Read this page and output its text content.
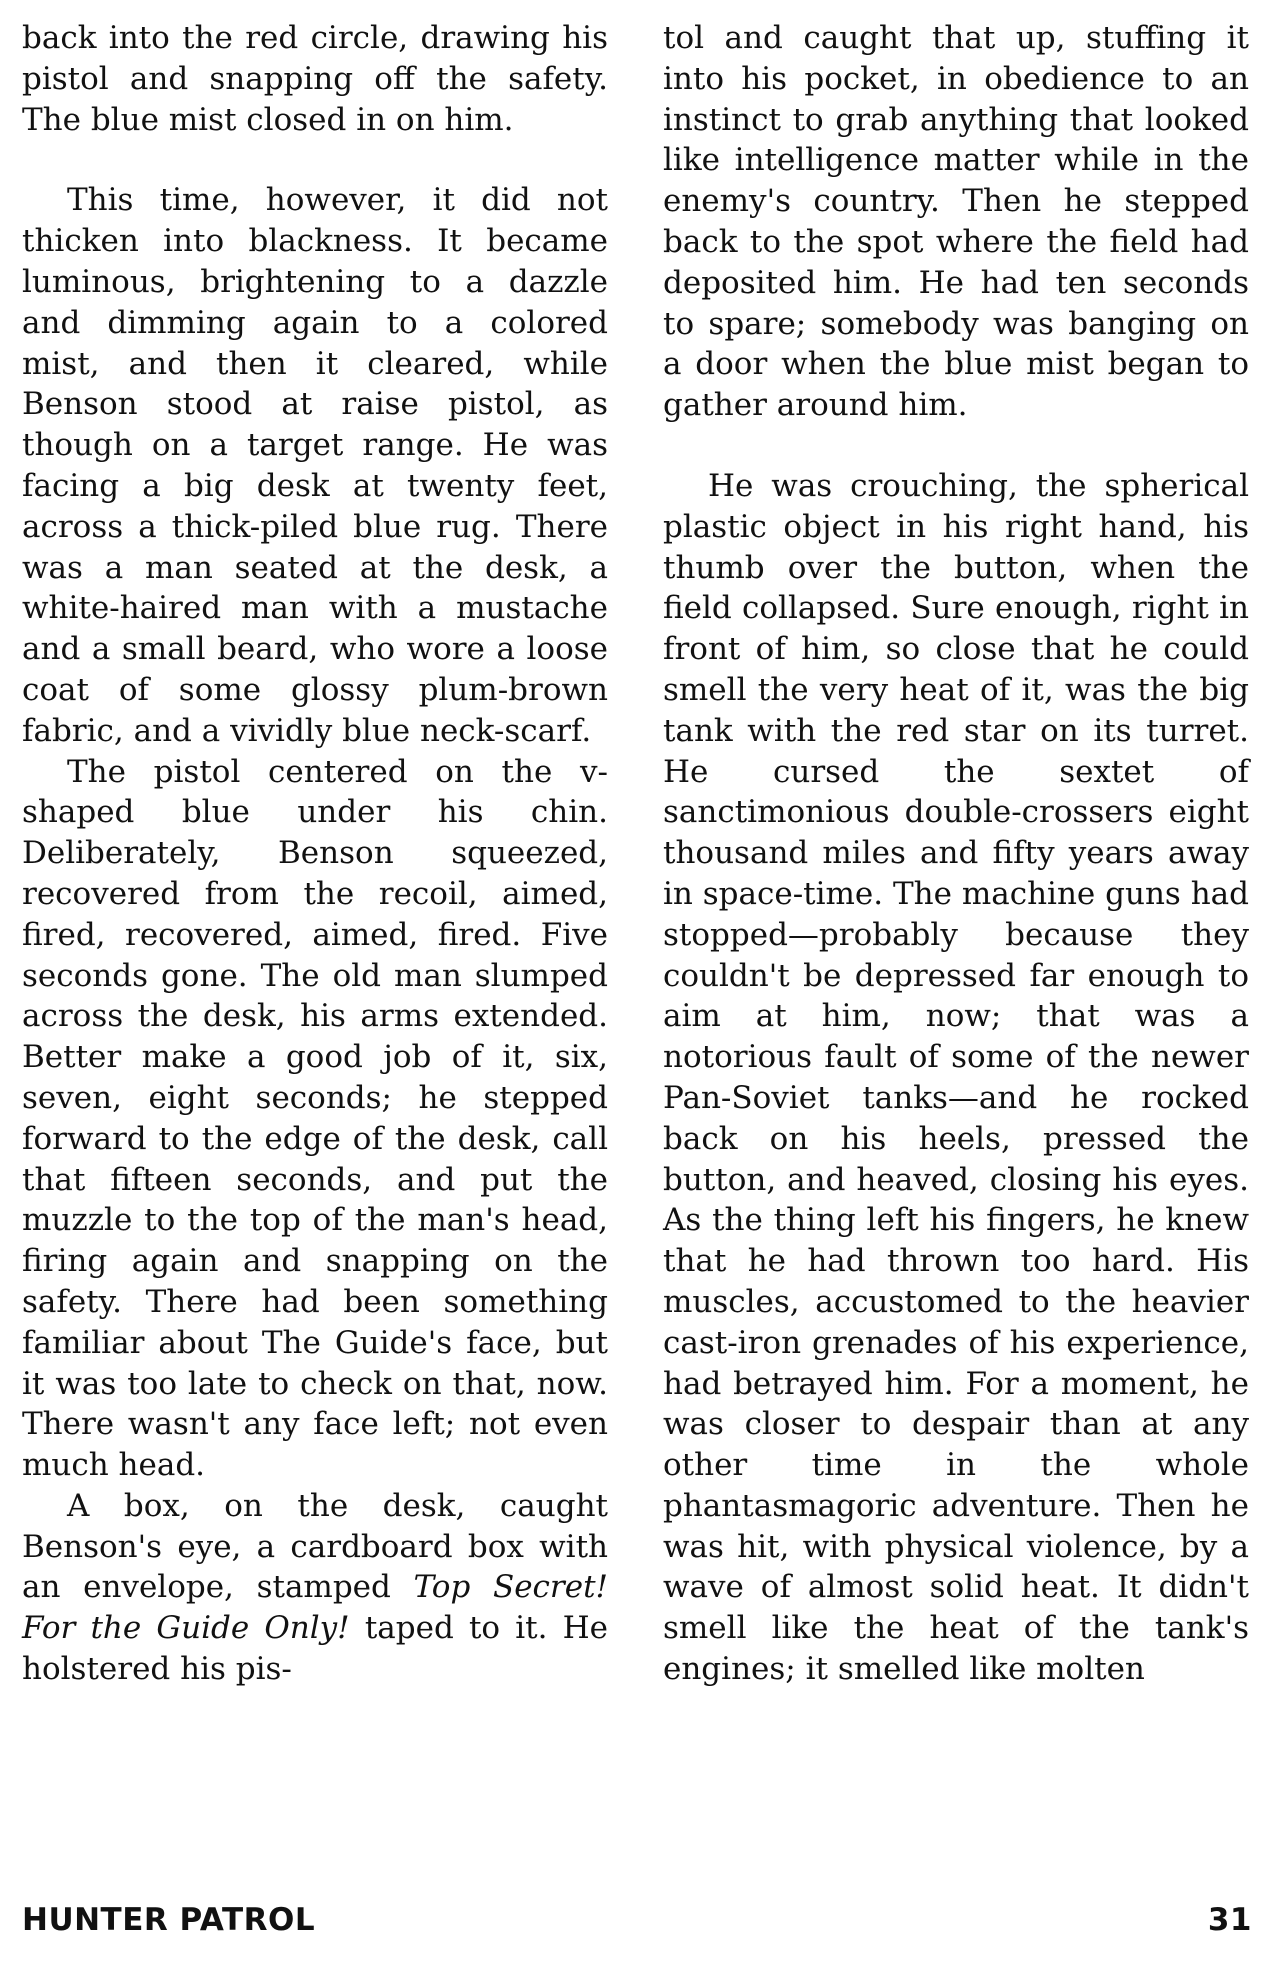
back into the red circle, drawing his pistol and snapping off the safety. The blue mist closed in on him.

This time, however, it did not thicken into blackness. It became luminous, brightening to a dazzle and dimming again to a colored mist, and then it cleared, while Benson stood at raise pistol, as though on a target range. He was facing a big desk at twenty feet, across a thick-piled blue rug. There was a man seated at the desk, a white-haired man with a mustache and a small beard, who wore a loose coat of some glossy plum-brown fabric, and a vividly blue neck-scarf.

The pistol centered on the v-shaped blue under his chin. Deliberately, Benson squeezed, recovered from the recoil, aimed, fired, recovered, aimed, fired. Five seconds gone. The old man slumped across the desk, his arms extended. Better make a good job of it, six, seven, eight seconds; he stepped forward to the edge of the desk, call that fifteen seconds, and put the muzzle to the top of the man's head, firing again and snapping on the safety. There had been something familiar about The Guide's face, but it was too late to check on that, now. There wasn't any face left; not even much head.

A box, on the desk, caught Benson's eye, a cardboard box with an envelope, stamped Top Secret! For the Guide Only! taped to it. He holstered his pis-

tol and caught that up, stuffing it into his pocket, in obedience to an instinct to grab anything that looked like intelligence matter while in the enemy's country. Then he stepped back to the spot where the field had deposited him. He had ten seconds to spare; somebody was banging on a door when the blue mist began to gather around him.

He was crouching, the spherical plastic object in his right hand, his thumb over the button, when the field collapsed. Sure enough, right in front of him, so close that he could smell the very heat of it, was the big tank with the red star on its turret. He cursed the sextet of sanctimonious double-crossers eight thousand miles and fifty years away in space-time. The machine guns had stopped—probably because they couldn't be depressed far enough to aim at him, now; that was a notorious fault of some of the newer Pan-Soviet tanks—and he rocked back on his heels, pressed the button, and heaved, closing his eyes. As the thing left his fingers, he knew that he had thrown too hard. His muscles, accustomed to the heavier cast-iron grenades of his experience, had betrayed him. For a moment, he was closer to despair than at any other time in the whole phantasmagoric adventure. Then he was hit, with physical violence, by a wave of almost solid heat. It didn't smell like the heat of the tank's engines; it smelled like molten

HUNTER PATROL	31
